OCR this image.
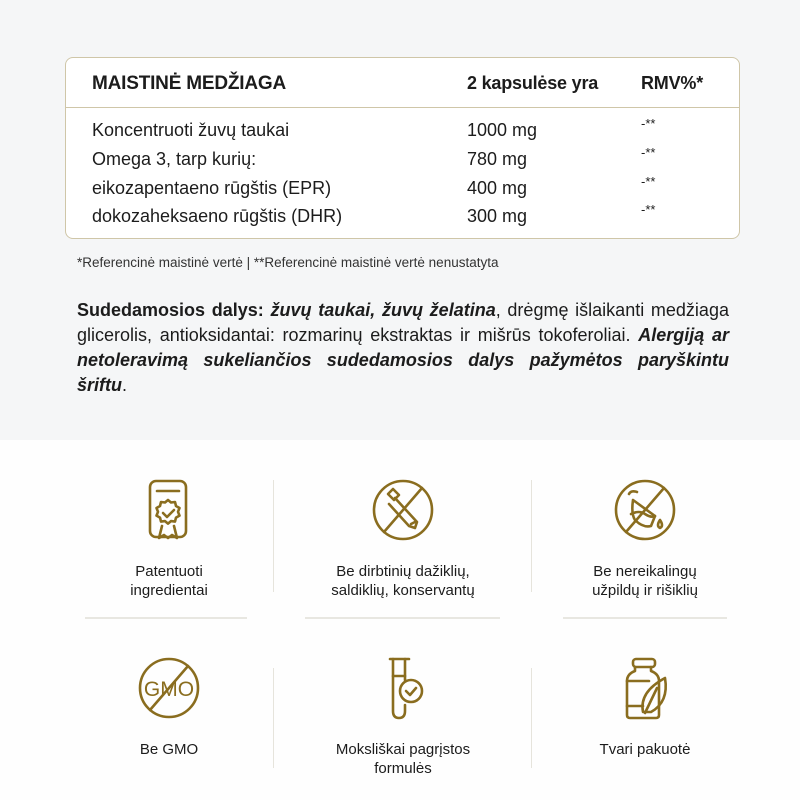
MAISTINĖ MEDŽIAGA	2 kapsulėse yra RMV%*
Koncentruoti žuvų taukai	1000 mg	-**
Omega 3, tarp kurių:	780 mg	-**
eikozapentaeno rūgštis (EPR)	400 mg	-**
dokozaheksaeno rūgštis (DHR)	300 mg	-**
*Referencinė maistinė vertė | **Referencinė maistinė vertė nenustatyta

Sudedamosios dalys: žuvų taukai, žuvų želatina, drėgmę išlaikanti medžiaga glicerolis, antioksidantai: rozmarinų ekstraktas ir mišrūs tokoferoliai. Alergiją ar netoleravimą sukeliančios sudedamosios dalys pažymėtos paryškintu šriftu.

Patentuoti
ingredientai
Be dirbtinių dažiklių,
saldiklių, konservantų
Be nereikalingų
užpildų ir rišiklių
GMO
Be GMO	Moksliškai pagrįstos
formulės
Tvari pakuotė
